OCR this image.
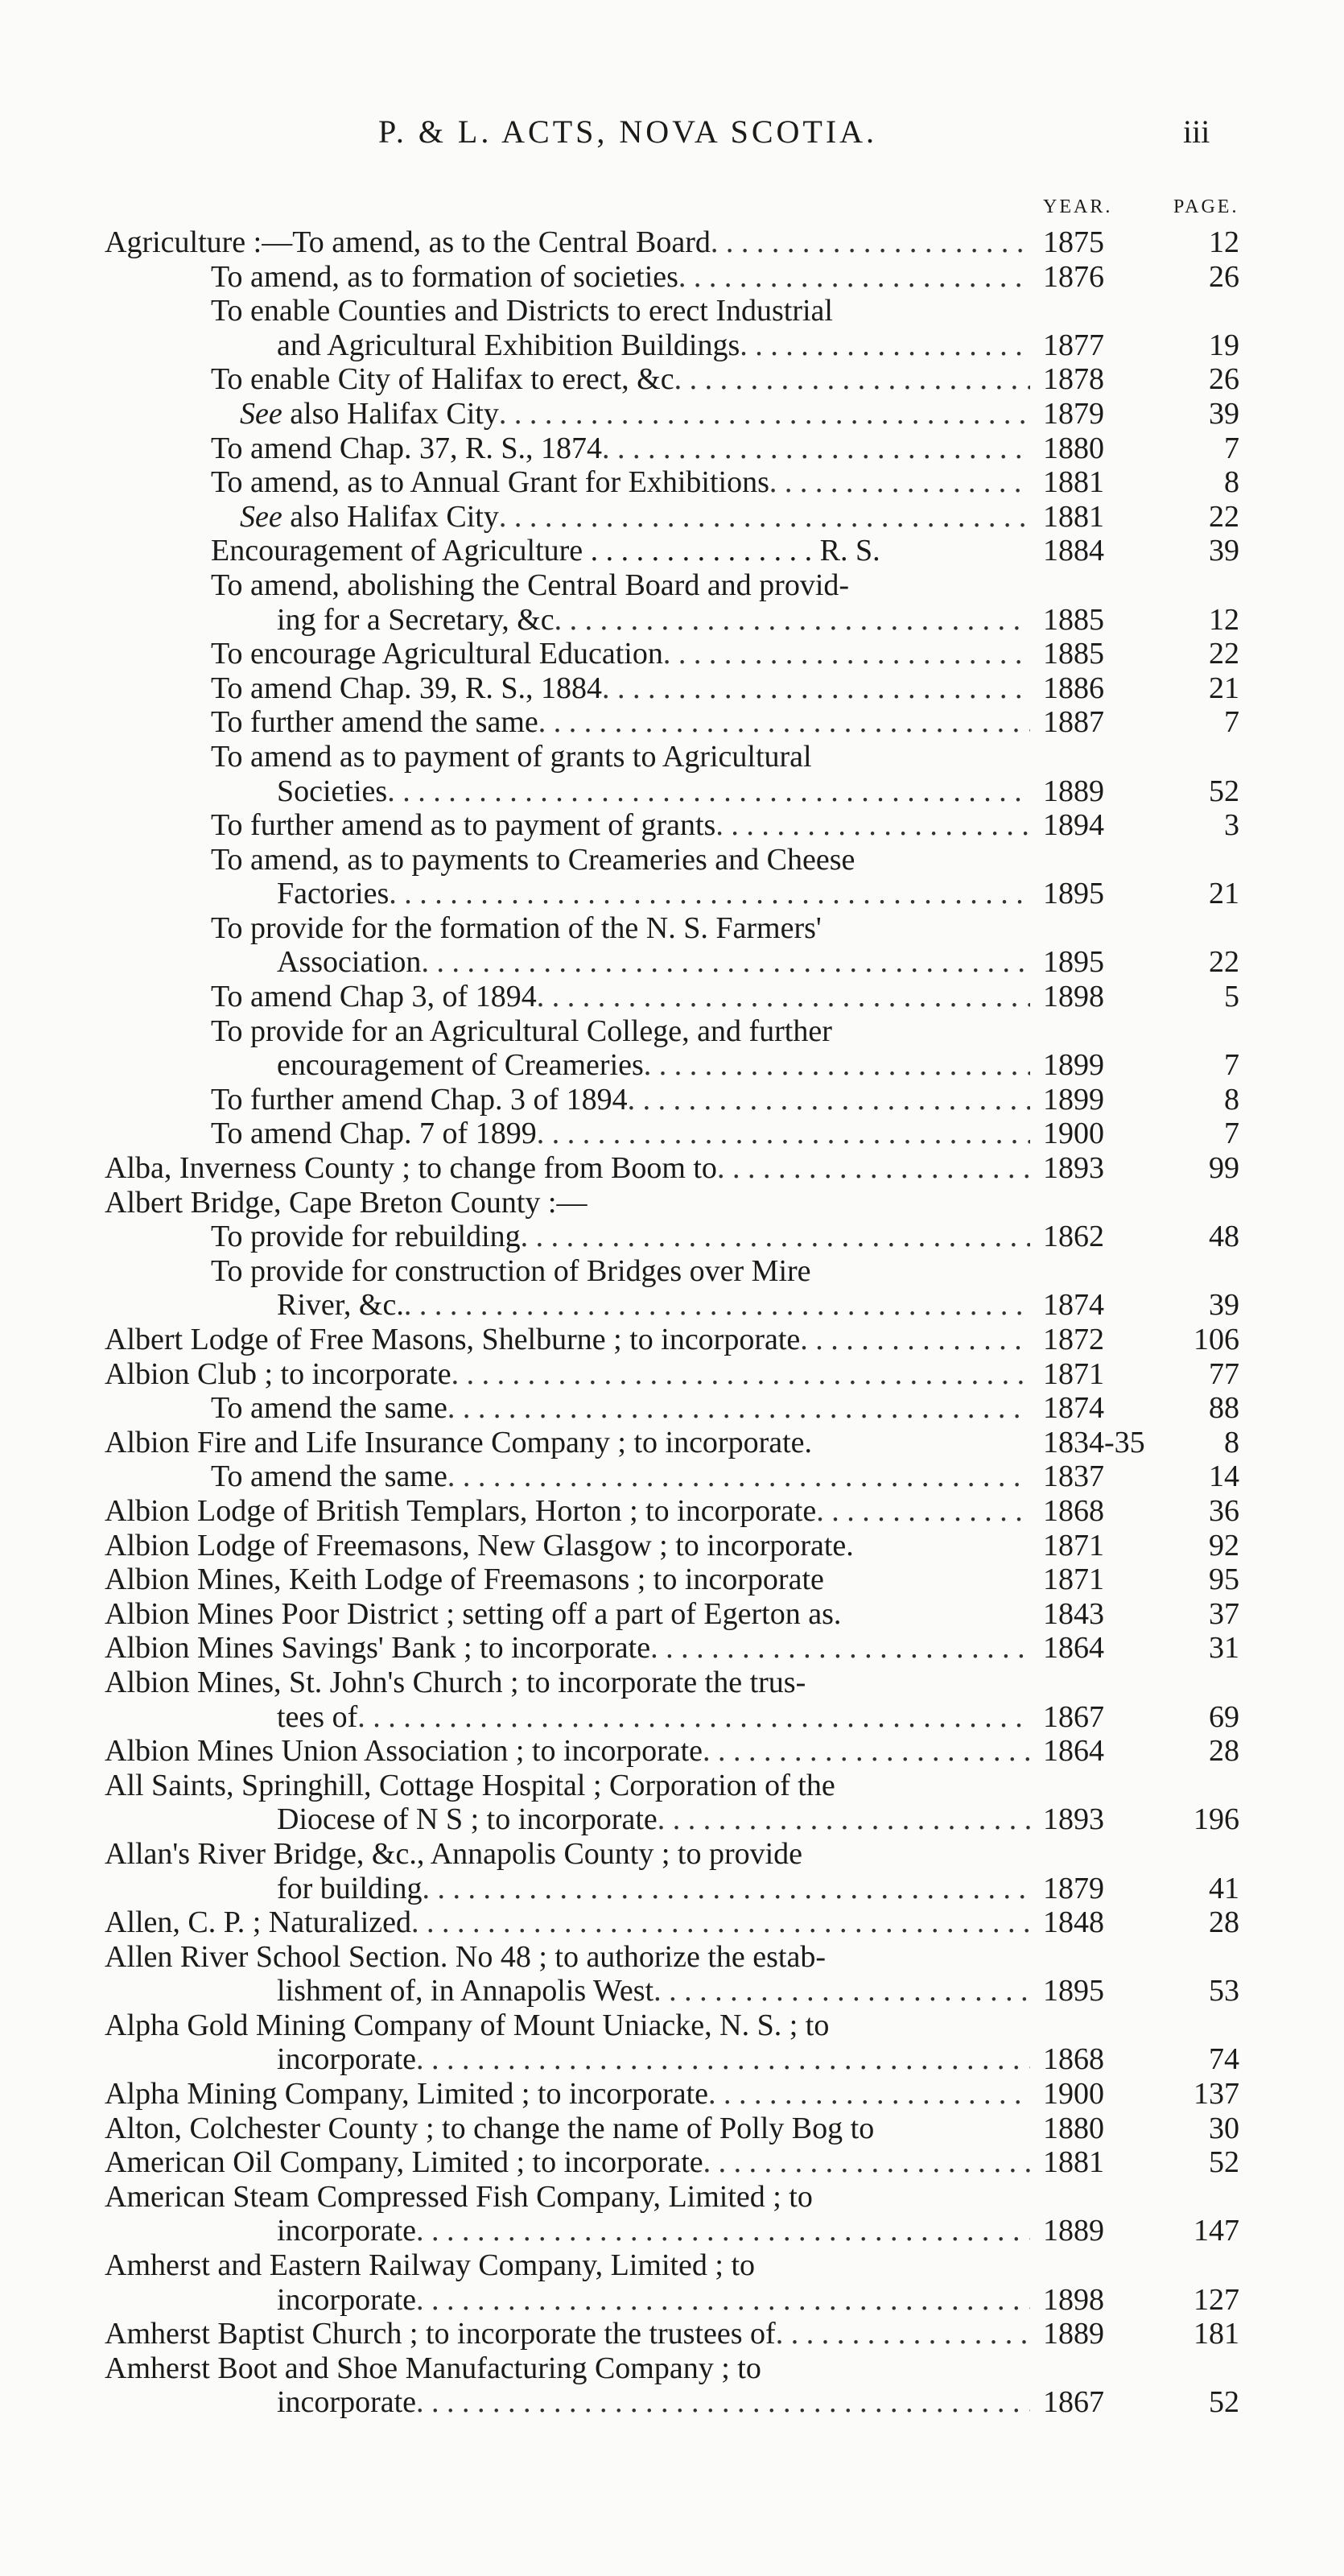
P. & L. ACTS, NOVA SCOTIA.	iii
YEAR.	PAGE.
Agriculture :—To amend, as to the Central Board . . .	1875	12
To amend, as to formation of societies . . .	1876	26
To enable Counties and Districts to erect Industrial
and Agricultural Exhibition Buildings . . .	1877	19
To enable City of Halifax to erect, &c . . .	1878	26
See also Halifax City . . .	1879	39
To amend Chap. 37, R. S., 1874 . . .	1880	7
To amend, as to Annual Grant for Exhibitions . . .	1881	8
See also Halifax City . . .	1881	22
Encouragement of Agriculture . . . . . . . . . . . . . . . R. S.	1884	39
To amend, abolishing the Central Board and provid-
ing for a Secretary, &c . . .	1885	12
To encourage Agricultural Education . . .	1885	22
To amend Chap. 39, R. S., 1884 . . .	1886	21
To further amend the same . . .	1887	7
To amend as to payment of grants to Agricultural
Societies . . .	1889	52
To further amend as to payment of grants . . .	1894	3
To amend, as to payments to Creameries and Cheese
Factories . . .	1895	21
To provide for the formation of the N. S. Farmers'
Association . . .	1895	22
To amend Chap 3, of 1894 . . .	1898	5
To provide for an Agricultural College, and further
encouragement of Creameries . . .	1899	7
To further amend Chap. 3 of 1894 . . .	1899	8
To amend Chap. 7 of 1899 . . .	1900	7
Alba, Inverness County ; to change from Boom to . . .	1893	99
Albert Bridge, Cape Breton County :—
To provide for rebuilding . . .	1862	48
To provide for construction of Bridges over Mire
River, &c. . . .	1874	39
Albert Lodge of Free Masons, Shelburne ; to incorporate . . .	1872	106
Albion Club ; to incorporate . . .	1871	77
To amend the same . . .	1874	88
Albion Fire and Life Insurance Company ; to incorporate.	1834-35	8
To amend the same . . .	1837	14
Albion Lodge of British Templars, Horton ; to incorporate . . .	1868	36
Albion Lodge of Freemasons, New Glasgow ; to incorporate.	1871	92
Albion Mines, Keith Lodge of Freemasons ; to incorporate	1871	95
Albion Mines Poor District ; setting off a part of Egerton as.	1843	37
Albion Mines Savings' Bank ; to incorporate . . .	1864	31
Albion Mines, St. John's Church ; to incorporate the trus-
tees of . . .	1867	69
Albion Mines Union Association ; to incorporate . . .	1864	28
All Saints, Springhill, Cottage Hospital ; Corporation of the
Diocese of N S ; to incorporate . . .	1893	196
Allan's River Bridge, &c., Annapolis County ; to provide
for building . . .	1879	41
Allen, C. P. ; Naturalized . . .	1848	28
Allen River School Section. No 48 ; to authorize the estab-
lishment of, in Annapolis West . . .	1895	53
Alpha Gold Mining Company of Mount Uniacke, N. S. ; to
incorporate . . .	1868	74
Alpha Mining Company, Limited ; to incorporate . . .	1900	137
Alton, Colchester County ; to change the name of Polly Bog to	1880	30
American Oil Company, Limited ; to incorporate . . .	1881	52
American Steam Compressed Fish Company, Limited ; to
incorporate . . .	1889	147
Amherst and Eastern Railway Company, Limited ; to
incorporate . . .	1898	127
Amherst Baptist Church ; to incorporate the trustees of . . .	1889	181
Amherst Boot and Shoe Manufacturing Company ; to
incorporate . . .	1867	52
